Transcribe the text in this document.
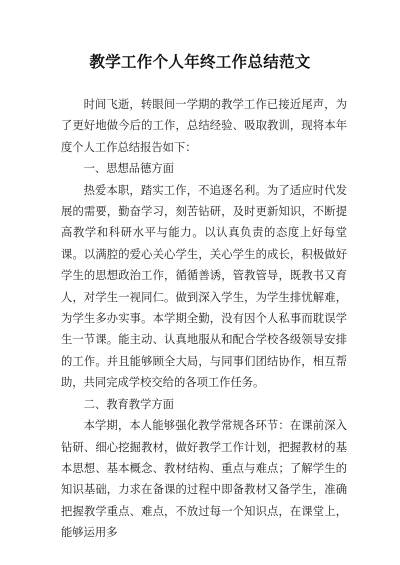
教学工作个人年终工作总结范文

时间飞逝，转眼间一学期的教学工作已接近尾声，为了更好地做今后的工作，总结经验、吸取教训，现将本年度个人工作总结报告如下：

一、思想品德方面

热爱本职，踏实工作，不追逐名利。为了适应时代发展的需要，勤奋学习，刻苦钻研，及时更新知识，不断提高教学和科研水平与能力。以认真负责的态度上好每堂课。以满腔的爱心关心学生，关心学生的成长，积极做好学生的思想政治工作，循循善诱，管教管导，既教书又育人，对学生一视同仁。做到深入学生，为学生排忧解难，为学生多办实事。本学期全勤，没有因个人私事而耽误学生一节课。能主动、认真地服从和配合学校各级领导安排的工作。并且能够顾全大局，与同事们团结协作，相互帮助，共同完成学校交给的各项工作任务。

二、教育教学方面

本学期，本人能够强化教学常规各环节：在课前深入钻研、细心挖掘教材，做好教学工作计划，把握教材的基本思想、基本概念、教材结构、重点与难点；了解学生的知识基础，力求在备课的过程中即备教材又备学生，准确把握教学重点、难点，不放过每一个知识点，在课堂上，能够运用多
